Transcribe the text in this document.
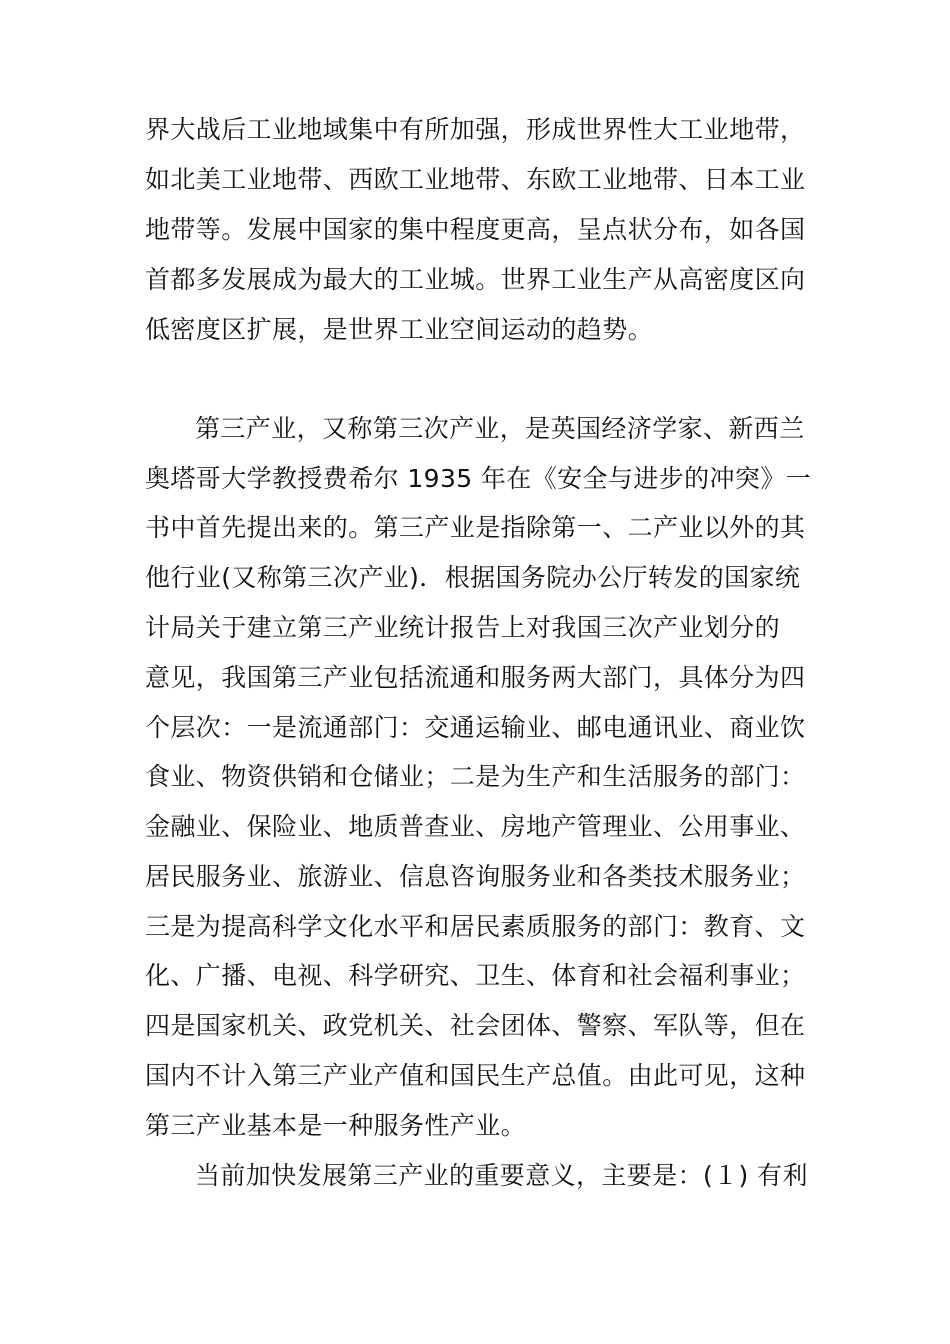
界大战后工业地域集中有所加强，形成世界性大工业地带，
如北美工业地带、西欧工业地带、东欧工业地带、日本工业
地带等。发展中国家的集中程度更高，呈点状分布，如各国
首都多发展成为最大的工业城。世界工业生产从高密度区向
低密度区扩展，是世界工业空间运动的趋势。
第三产业，又称第三次产业，是英国经济学家、新西兰
奥塔哥大学教授费希尔 1935 年在《安全与进步的冲突》一
书中首先提出来的。第三产业是指除第一、二产业以外的其
他行业(又称第三次产业)．根据国务院办公厅转发的国家统
计局关于建立第三产业统计报告上对我国三次产业划分的
意见，我国第三产业包括流通和服务两大部门，具体分为四
个层次：一是流通部门：交通运输业、邮电通讯业、商业饮
食业、物资供销和仓储业；二是为生产和生活服务的部门：
金融业、保险业、地质普查业、房地产管理业、公用事业、
居民服务业、旅游业、信息咨询服务业和各类技术服务业；
三是为提高科学文化水平和居民素质服务的部门：教育、文
化、广播、电视、科学研究、卫生、体育和社会福利事业；
四是国家机关、政党机关、社会团体、警察、军队等，但在
国内不计入第三产业产值和国民生产总值。由此可见，这种
第三产业基本是一种服务性产业。
当前加快发展第三产业的重要意义，主要是：(１) 有利
